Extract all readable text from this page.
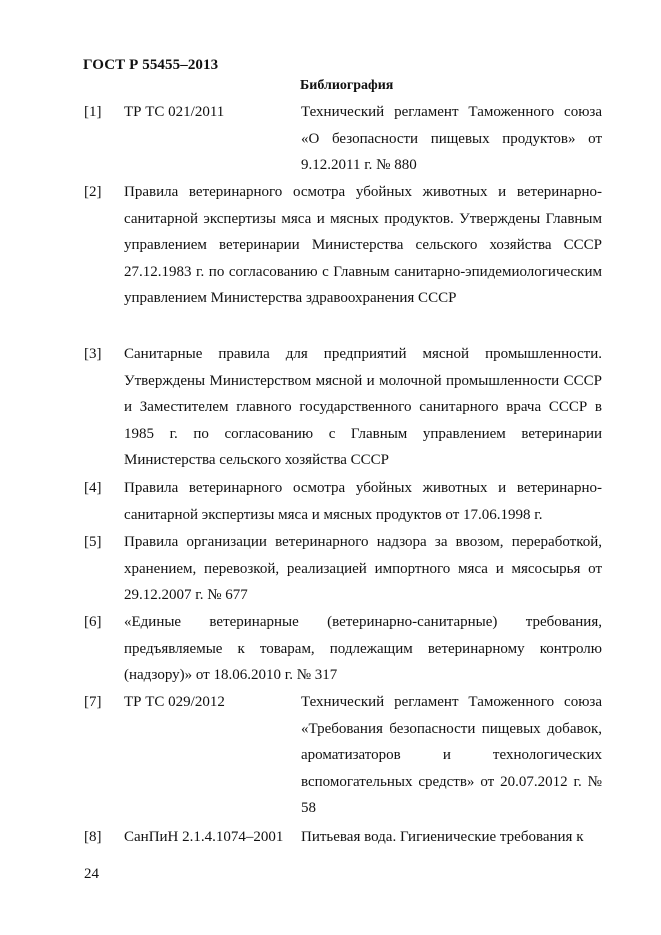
ГОСТ Р 55455–2013
Библиография
[1] ТР ТС 021/2011	Технический регламент Таможенного союза «О безопасности пищевых продуктов» от 9.12.2011 г. № 880
[2] Правила ветеринарного осмотра убойных животных и ветеринарно-санитарной экспертизы мяса и мясных продуктов. Утверждены Главным управлением ветеринарии Министерства сельского хозяйства СССР 27.12.1983 г. по согласованию с Главным санитарно-эпидемиологическим управлением Министерства здравоохранения СССР
[3] Санитарные правила для предприятий мясной промышленности. Утверждены Министерством мясной и молочной промышленности СССР и Заместителем главного государственного санитарного врача СССР в 1985 г. по согласованию с Главным управлением ветеринарии Министерства сельского хозяйства СССР
[4] Правила ветеринарного осмотра убойных животных и ветеринарно-санитарной экспертизы мяса и мясных продуктов от 17.06.1998 г.
[5] Правила организации ветеринарного надзора за ввозом, переработкой, хранением, перевозкой, реализацией импортного мяса и мясосырья от 29.12.2007 г. № 677
[6] «Единые ветеринарные (ветеринарно-санитарные) требования, предъявляемые к товарам, подлежащим ветеринарному контролю (надзору)» от 18.06.2010 г. № 317
[7] ТР ТС 029/2012	Технический регламент Таможенного союза «Требования безопасности пищевых добавок, ароматизаторов и технологических вспомогательных средств» от 20.07.2012 г. № 58
[8] СанПиН 2.1.4.1074–2001 Питьевая вода. Гигиенические требования к
24
